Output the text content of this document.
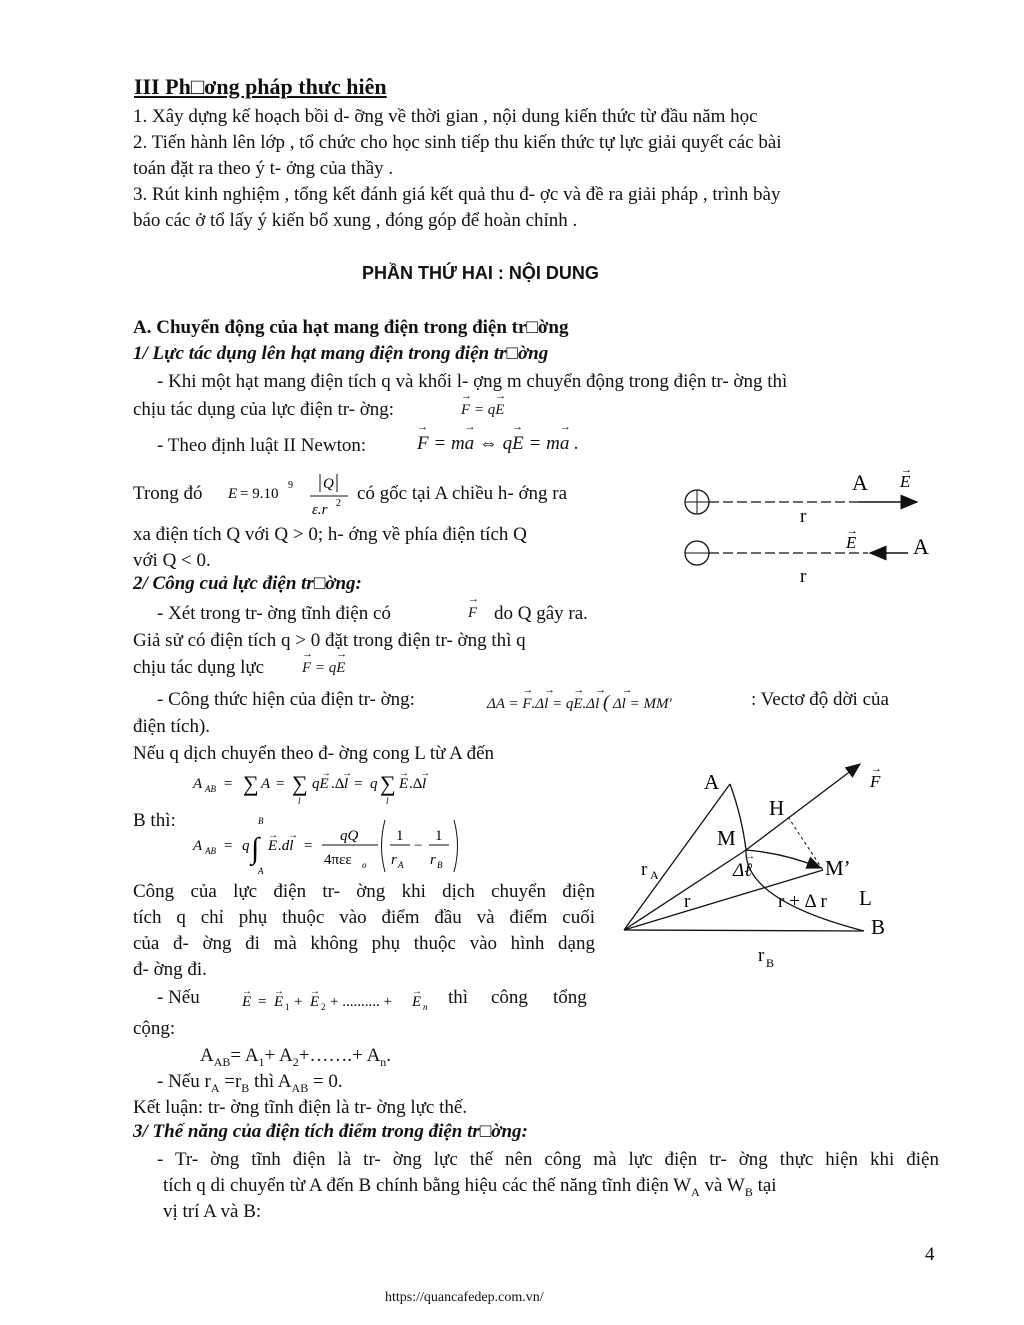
III Ph□ơng pháp thưc hiên
1. Xây dựng kế hoạch bồi d- ỡng về thời gian , nội dung kiến thức từ đầu năm học
2. Tiến hành lên lớp , tổ chức cho học sinh tiếp thu kiến thức tự lực giải quyết các bài
toán đặt ra theo ý t- ởng của thầy .
3. Rút kinh nghiệm , tổng kết đánh giá kết quả thu đ- ợc và đề ra giải pháp , trình bày
báo các ở tổ lấy ý kiến bổ xung , đóng góp để hoàn chỉnh .
PHẦN THỨ HAI : NỘI DUNG
A. Chuyển động của hạt mang điện trong điện tr□ờng
1/ Lực tác dụng lên hạt mang điện trong điện tr□ờng
- Khi một hạt mang điện tích q và khối l- ợng m chuyển động trong điện tr- ờng thì
chịu tác dụng của lực điện tr- ờng:	→ F = q→ E
- Theo định luật II Newton:	→ F = m→ a ⇔ q→ E = m→ a .
Trong đó E = 9.10
9 Q
ε.r 2 có gốc tại A chiều h- ớng ra
xa điện tích Q với Q > 0; h- ớng về phía điện tích Q
với Q < 0.
A E
→
r
E
→
A
r
2/ Công cuả lực điện tr□ờng:
- Xét trong tr- ờng tĩnh điện có	→ F do Q gây ra.
Giả sử có điện tích q > 0 đặt trong điện tr- ờng thì q
chịu tác dụng lực	→ F = q→ E
- Công thức hiện của điện tr- ờng:	ΔA = → F.Δ→ l = q→ E.Δ→ l ( Δ→ l = MM'	: Vectơ độ dời của
điện tích).
Nếu q dịch chuyển theo đ- ờng cong L từ A đến
A AB = ∑ A = ∑
l
qE
→
.Δ l
→
= q ∑
l
E
→
.Δ l
→
B thì:
A AB = q ∫
B
A
E
→
.dl
→
=
qQ
4πεε o
1
r A
−
1
r B
Công của lực điện tr- ờng khi dịch chuyển điện
tích q chỉ phụ thuộc vào điểm đầu và điểm cuối
của đ- ờng đi mà không phụ thuộc vào hình dạng
đ- ờng đi.
A	F
→
H
M
M’
Δℓ
→
r A
r	r + Δ r L
B
r B
- Nếu	E
→
= E
→
1 + E
→
2 + .......... + E
→
n thì công tổng
cộng:
$A_{AB}= A_1+$ $A_2+\dots\dots.+ A_n$.
- Nếu $r_A =r_B$ thì $A_{AB} = 0$.
Kết luận: tr- ờng tĩnh điện là tr- ờng lực thế.
3/ Thế năng của điện tích điểm trong điện tr□ờng:
- Tr- ờng tĩnh điện là tr- ờng lực thế nên công mà lực điện tr- ờng thực hiện khi điện
tích q di chuyển từ A đến B chính bằng hiệu các thế năng tĩnh điện $W_A$ và $W_B$ tại
vị trí A và B:
4
https://quancafedep.com.vn/
